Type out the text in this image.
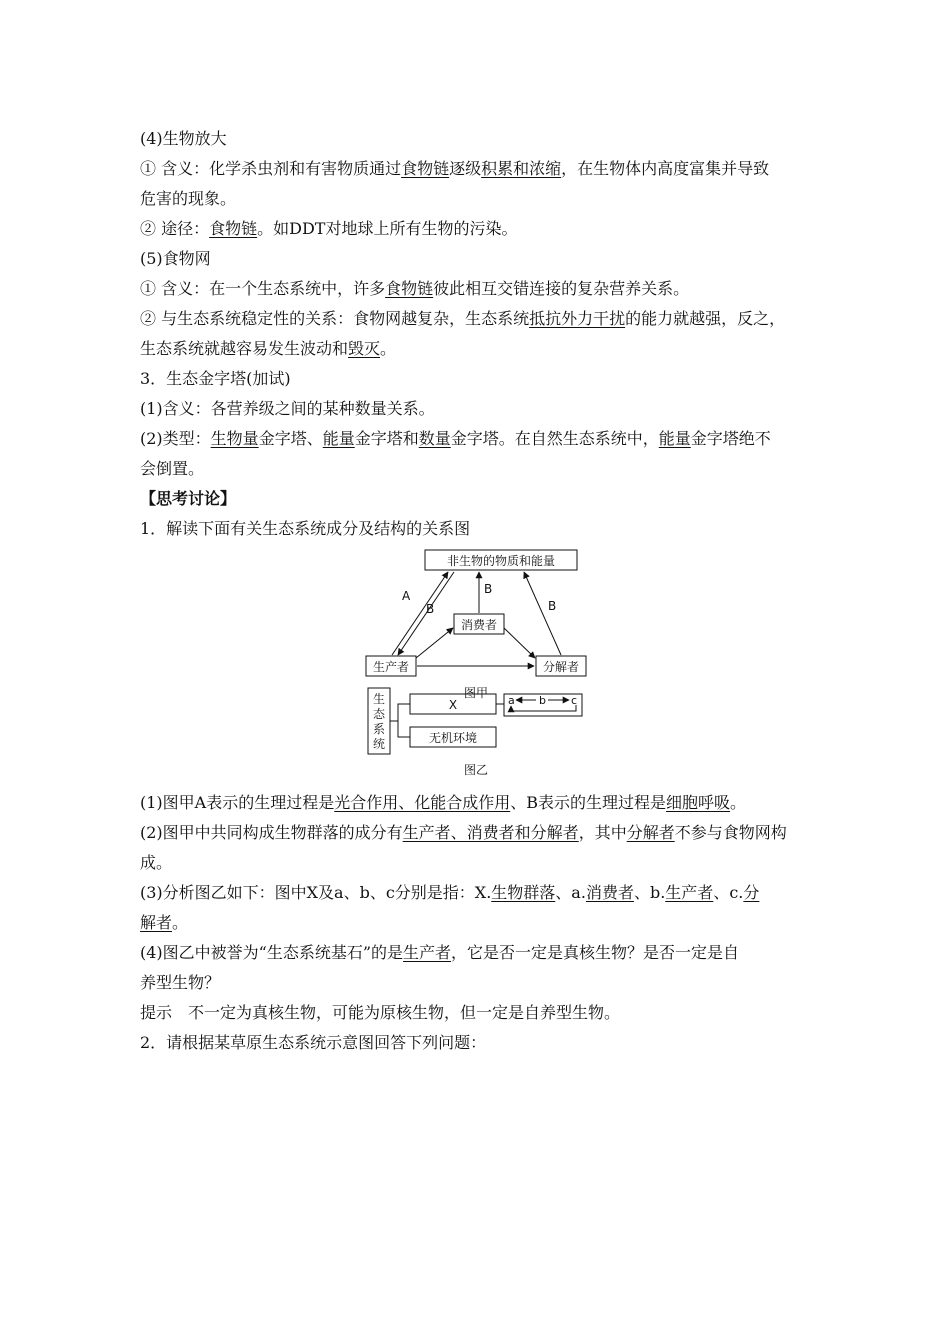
(4)生物放大
① 含义：化学杀虫剂和有害物质通过食物链逐级积累和浓缩，在生物体内高度富集并导致
危害的现象。
② 途径：食物链。如DDT对地球上所有生物的污染。
(5)食物网
① 含义：在一个生态系统中，许多食物链彼此相互交错连接的复杂营养关系。
② 与生态系统稳定性的关系：食物网越复杂，生态系统抵抗外力干扰的能力就越强，反之，
生态系统就越容易发生波动和毁灭。
3．生态金字塔(加试)
(1)含义：各营养级之间的某种数量关系。
(2)类型：生物量金字塔、能量金字塔和数量金字塔。在自然生态系统中，能量金字塔绝不
会倒置。
【思考讨论】
1．解读下面有关生态系统成分及结构的关系图
非生物的物质和能量
消费者
生产者	分解者
A
B
B
B
图甲
生
态
系
统
X
无机环境
a b c
图乙
(1)图甲A表示的生理过程是光合作用、化能合成作用、B表示的生理过程是细胞呼吸。
(2)图甲中共同构成生物群落的成分有生产者、消费者和分解者，其中分解者不参与食物网构
成。
(3)分析图乙如下：图中X及a、b、c分别是指：X.生物群落、a.消费者、b.生产者、c.分
解者。
(4)图乙中被誉为“生态系统基石”的是生产者，它是否一定是真核生物？是否一定是自
养型生物？
提示　不一定为真核生物，可能为原核生物，但一定是自养型生物。
2．请根据某草原生态系统示意图回答下列问题：
